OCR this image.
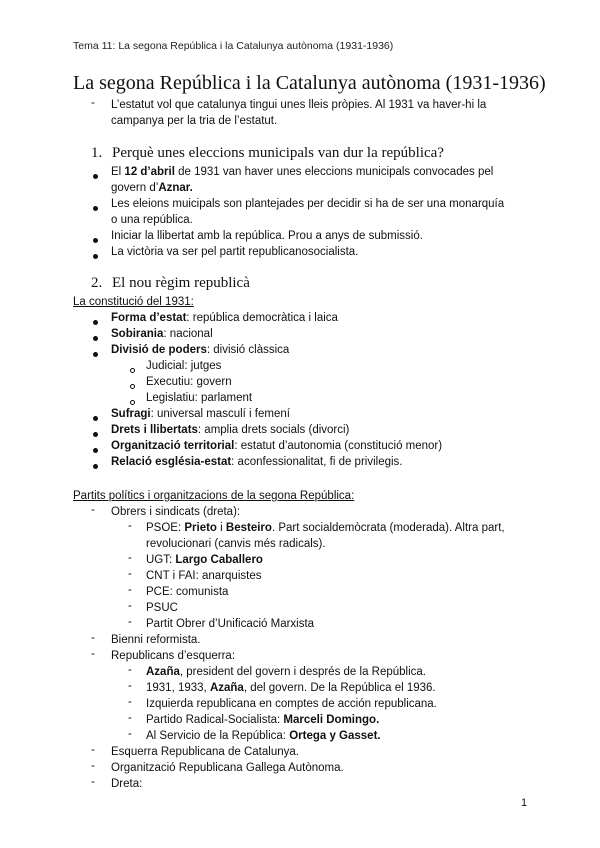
Tema 11: La segona República i la Catalunya autònoma (1931-1936)
La segona República i la Catalunya autònoma (1931-1936)
-	L’estatut vol que catalunya tingui unes lleis pròpies. Al 1931 va haver-hi la
campanya per la tria de l’estatut.
1. Perquè unes eleccions municipals van dur la república?
El 12 d’abril de 1931 van haver unes eleccions municipals convocades pel
govern d’Aznar.
Les eleions muicipals son plantejades per decidir si ha de ser una monarquía
o una república.
Iniciar la llibertat amb la república. Prou a anys de submissió.
La victòria va ser pel partit republicanosocialista.
2. El nou règim republicà
La constitució del 1931:
Forma d’estat: república democràtica i laica
Sobirania: nacional
Divisió de poders: divisió clàssica
Judicial: jutges
Executiu: govern
Legislatiu: parlament
Sufragi: universal masculí i femení
Drets i llibertats: amplia drets socials (divorci)
Organització territorial: estatut d’autonomia (constitució menor)
Relació església-estat: aconfessionalitat, fi de privilegis.
Partits polítics i organitzacions de la segona República:
-	Obrers i sindicats (dreta):
-	PSOE: Prieto i Besteiro. Part socialdemòcrata (moderada). Altra part,
revolucionari (canvis més radicals).
-	UGT: Largo Caballero
-	CNT i FAI: anarquistes
-	PCE: comunista
-	PSUC
-	Partit Obrer d’Unificació Marxista
-	Bienni reformista.
-	Republicans d’esquerra:
-	Azaña, president del govern i després de la República.
-	1931, 1933, Azaña, del govern. De la República el 1936.
-	Izquierda republicana en comptes de acción republicana.
-	Partido Radical-Socialista: Marceli Domingo.
-	Al Servicio de la República: Ortega y Gasset.
-	Esquerra Republicana de Catalunya.
-	Organització Republicana Gallega Autònoma.
-	Dreta:
1
